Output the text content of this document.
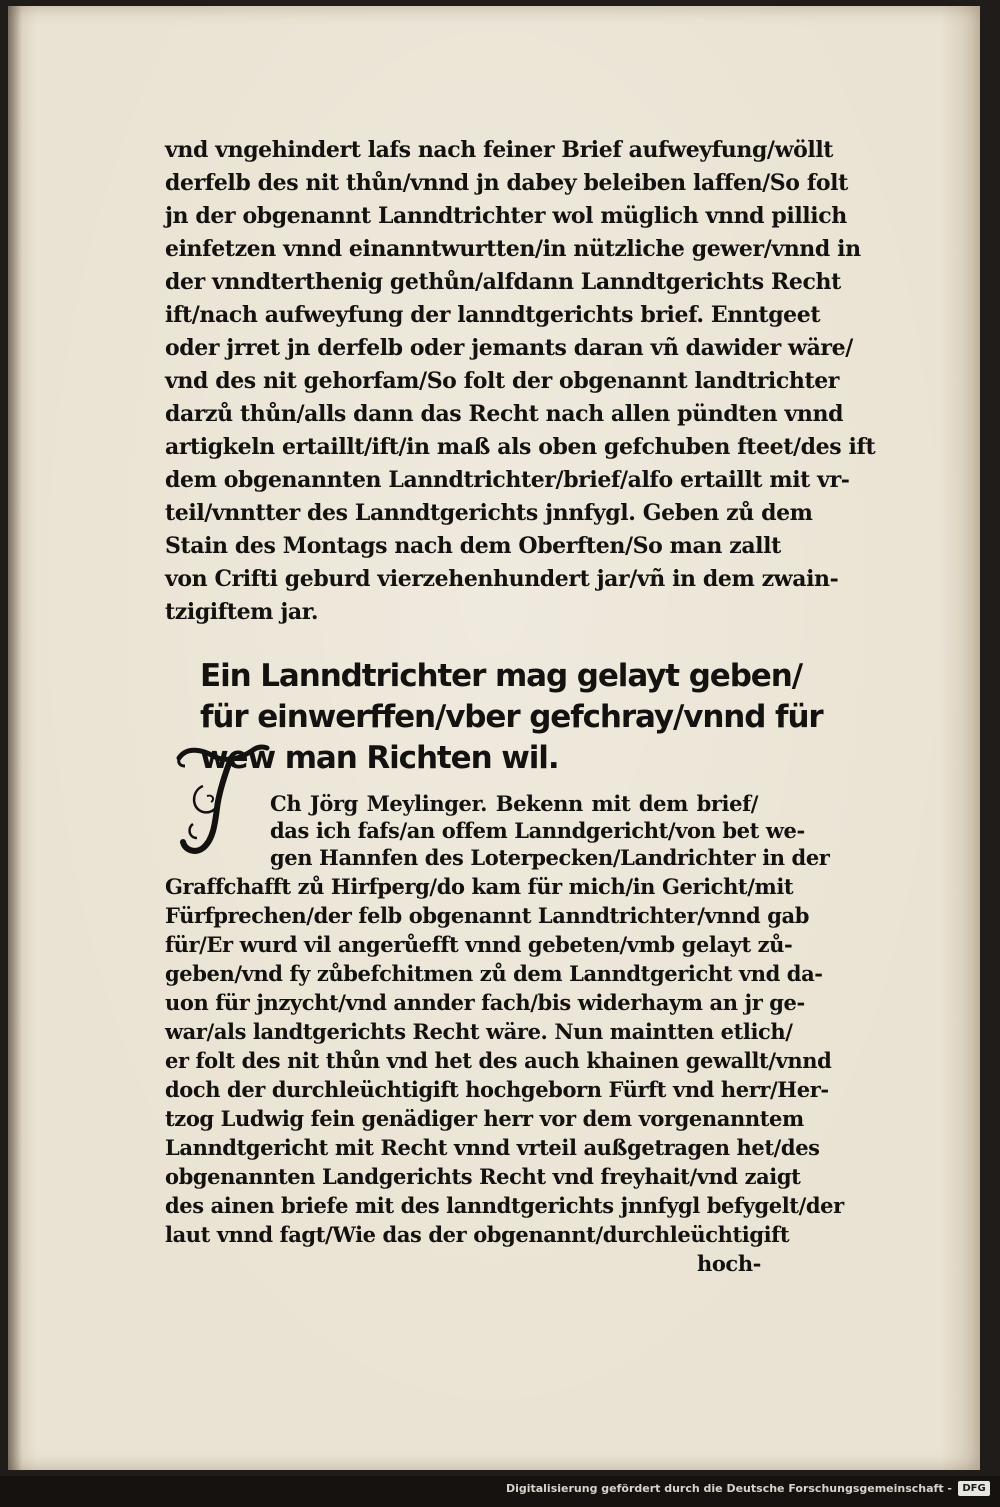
vnd vngehindert lafs nach feiner Brief aufweyfung/wöllt

derfelb des nit thůn/vnnd jn dabey beleiben laffen/So folt

jn der obgenannt Lanndtrichter wol müglich vnnd pillich

einfetzen vnnd einanntwurtten/in nützliche gewer/vnnd in

der vnndterthenig gethůn/alfdann Lanndtgerichts Recht

ift/nach aufweyfung der lanndtgerichts brief. Enntgeet

oder jrret jn derfelb oder jemants daran vñ dawider wäre/

vnd des nit gehorfam/So folt der obgenannt landtrichter

darzů thůn/alls dann das Recht nach allen pündten vnnd

artigkeln ertaillt/ift/in maß als oben gefchuben fteet/des ift

dem obgenannten Lanndtrichter/brief/alfo ertaillt mit vr-

teil/vnntter des Lanndtgerichts jnnfygl. Geben zů dem

Stain des Montags nach dem Oberften/So man zallt

von Crifti geburd vierzehenhundert jar/vñ in dem zwain-

tzigiftem jar.

Ein Lanndtrichter mag gelayt geben/

für einwerffen/vber gefchray/vnnd für

wew man Richten wil.

Ch Jörg Meylinger. Bekenn mit dem brief/

das ich fafs/an offem Lanndgericht/von bet we-

gen Hannfen des Loterpecken/Landrichter in der

Graffchafft zů Hirfperg/do kam für mich/in Gericht/mit

Fürfprechen/der felb obgenannt Lanndtrichter/vnnd gab

für/Er wurd vil angerůefft vnnd gebeten/vmb gelayt zů-

geben/vnd fy zůbefchitmen zů dem Lanndtgericht vnd da-

uon für jnzycht/vnd annder fach/bis widerhaym an jr ge-

war/als landtgerichts Recht wäre. Nun maintten etlich/

er folt des nit thůn vnd het des auch khainen gewallt/vnnd

doch der durchleüchtigift hochgeborn Fürft vnd herr/Her-

tzog Ludwig fein genädiger herr vor dem vorgenanntem

Lanndtgericht mit Recht vnnd vrteil außgetragen het/des

obgenannten Landgerichts Recht vnd freyhait/vnd zaigt

des ainen briefe mit des lanndtgerichts jnnfygl befygelt/der

laut vnnd fagt/Wie das der obgenannt/durchleüchtigift

hoch-

Digitalisierung gefördert durch die Deutsche Forschungsgemeinschaft -	DFG
